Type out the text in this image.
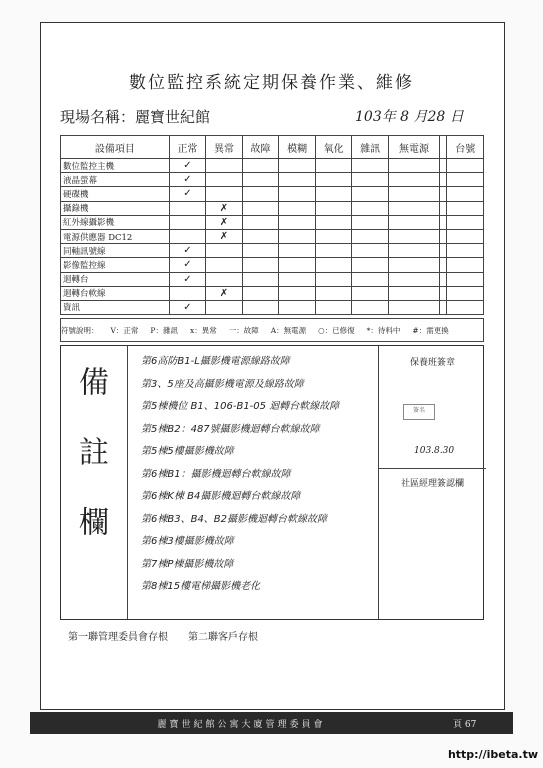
數位監控系統定期保養作業、維修
現場名稱：麗寶世紀館	103年 8 月28 日
設備項目	正常	異常	故障	模糊	氧化	雜訊	無電源		台號
數位監控主機	✓								
液晶螢幕	✓								
硬碟機	✓								
攝錄機		✗							
紅外線攝影機		✗							
電源供應器 DC12		✗							
同軸訊號線	✓								
影像監控線	✓								
迴轉台	✓								
迴轉台軟線		✗							
資訊	✓								
符號說明： V：正常 P：雜訊 x：異常 一：故障 A：無電源 ○：已修復 *：待料中 #：需更換
備註欄
第6高防B1-L攝影機電源線路故障
第3、5座及高攝影機電源及線路故障
第5棟機位 B1、106-B1-05 迴轉台軟線故障
第5棟B2：487號攝影機迴轉台軟線故障
第5棟5樓攝影機故障
第6棟B1：攝影機迴轉台軟線故障
第6棟K棟 B4攝影機迴轉台軟線故障
第6棟B3、B4、B2攝影機迴轉台軟線故障
第6棟3樓攝影機故障
第7棟P棟攝影機故障
第8棟15樓電梯攝影機老化
保養班簽章
簽名
103.8.30
社區經理簽認欄
第一聯管理委員會存根　　第二聯客戶存根
麗寶世紀館公寓大廈管理委員會	頁 67
http://ibeta.tw
